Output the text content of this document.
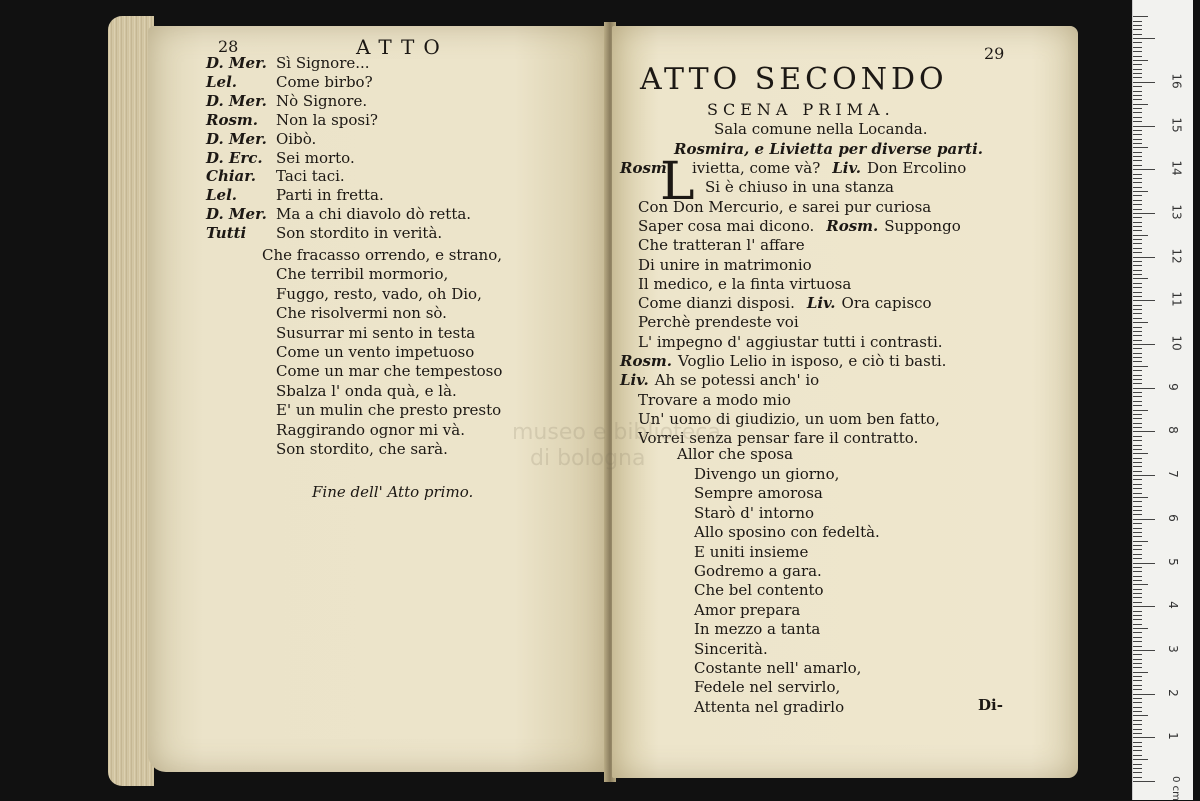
28	ATTO
D. Mer. Sì Signore...
Lel.	Come birbo?
D. Mer. Nò Signore.
Rosm. Non la sposi?
D. Mer. Oibò.
D. Erc. Sei morto.
Chiar. Taci taci.
Lel.	Parti in fretta.
D. Mer. Ma a chi diavolo dò retta.
Tutti Son stordito in verità.
Che fracasso orrendo, e strano,
Che terribil mormorio,
Fuggo, resto, vado, oh Dio,
Che risolvermi non sò.
Susurrar mi sento in testa
Come un vento impetuoso
Come un mar che tempestoso
Sbalza l' onda quà, e là.
E' un mulin che presto presto
Raggirando ognor mi và.
Son stordito, che sarà.
Fine dell' Atto primo.
29
ATTO SECONDO
SCENA PRIMA.
Sala comune nella Locanda.
Rosmira, e Livietta per diverse parti.
L
Rosm. ivietta, come và? Liv. Don Ercolino
Si è chiuso in una stanza
Con Don Mercurio, e sarei pur curiosa
Saper cosa mai dicono. Rosm. Suppongo
Che tratteran l' affare
Di unire in matrimonio
Il medico, e la finta virtuosa
Come dianzi disposi. Liv. Ora capisco
Perchè prendeste voi
L' impegno d' aggiustar tutti i contrasti.
Rosm. Voglio Lelio in isposo, e ciò ti basti.
Liv. Ah se potessi anch' io
Trovare a modo mio
Un' uomo di giudizio, un uom ben fatto,
Vorrei senza pensar fare il contratto.
Allor che sposa
Divengo un giorno,
Sempre amorosa
Starò d' intorno
Allo sposino con fedeltà.
E uniti insieme
Godremo a gara.
Che bel contento
Amor prepara
In mezzo a tanta
Sincerità.
Costante nell' amarlo,
Fedele nel servirlo,
Attenta nel gradirlo	Di-
museo e biblioteca
di bologna
1
2
3
4
5
6
7
8
9
10
11
12
13
14
15
16
0 cm
